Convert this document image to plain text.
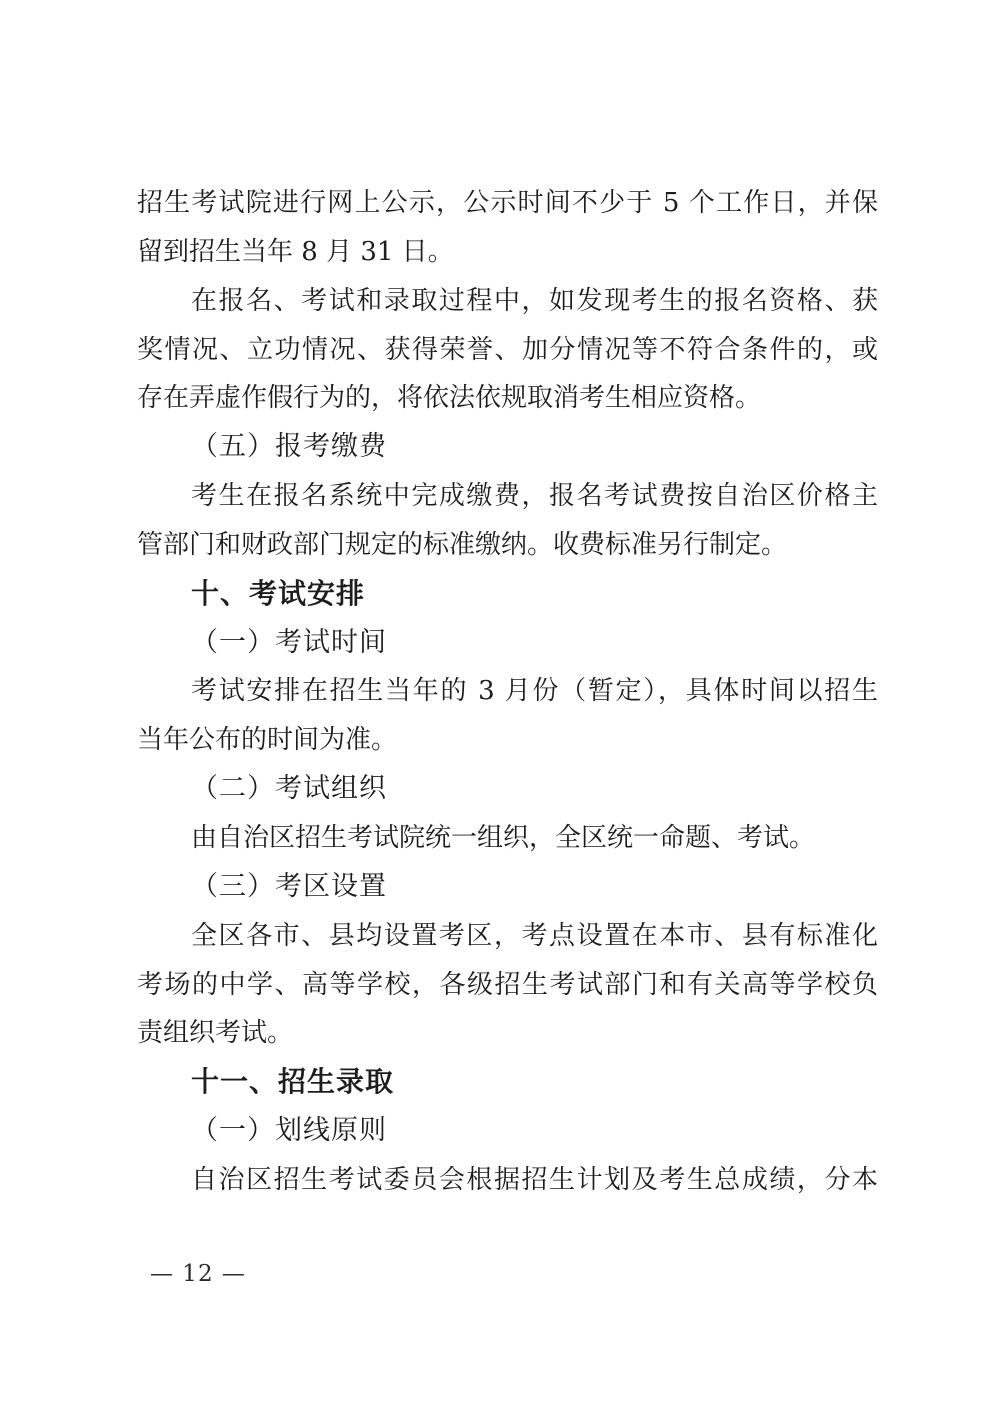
招生考试院进行网上公示，公示时间不少于 5 个工作日，并保
留到招生当年 8 月 31 日。
在报名、考试和录取过程中，如发现考生的报名资格、获
奖情况、立功情况、获得荣誉、加分情况等不符合条件的，或
存在弄虚作假行为的，将依法依规取消考生相应资格。
（五）报考缴费
考生在报名系统中完成缴费，报名考试费按自治区价格主
管部门和财政部门规定的标准缴纳。收费标准另行制定。
十、考试安排
（一）考试时间
考试安排在招生当年的 3 月份（暂定），具体时间以招生
当年公布的时间为准。
（二）考试组织
由自治区招生考试院统一组织，全区统一命题、考试。
（三）考区设置
全区各市、县均设置考区，考点设置在本市、县有标准化
考场的中学、高等学校，各级招生考试部门和有关高等学校负
责组织考试。
十一、招生录取
（一）划线原则
自治区招生考试委员会根据招生计划及考生总成绩，分本
— 12 —
